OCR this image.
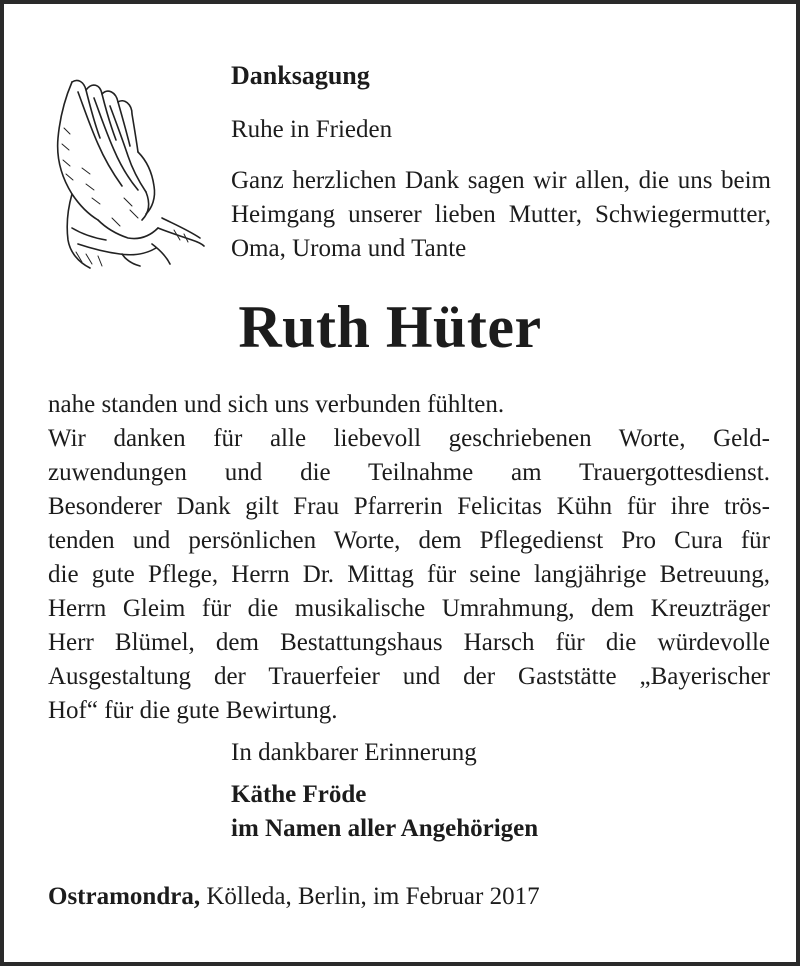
Danksagung
Ruhe in Frieden
Ganz herzlichen Dank sagen wir allen, die uns beim Heimgang unserer lieben Mutter, Schwiegermutter, Oma, Uroma und Tante
Ruth Hüter
nahe standen und sich uns verbunden fühlten.
Wir danken für alle liebevoll geschriebenen Worte, Geld-
zuwendungen und die Teilnahme am Trauergottesdienst.
Besonderer Dank gilt Frau Pfarrerin Felicitas Kühn für ihre trös-
tenden und persönlichen Worte, dem Pflegedienst Pro Cura für
die gute Pflege, Herrn Dr. Mittag für seine langjährige Betreuung,
Herrn Gleim für die musikalische Umrahmung, dem Kreuzträger
Herr Blümel, dem Bestattungshaus Harsch für die würdevolle
Ausgestaltung der Trauerfeier und der Gaststätte „Bayerischer
Hof“ für die gute Bewirtung.
In dankbarer Erinnerung
Käthe Fröde
im Namen aller Angehörigen
Ostramondra, Kölleda, Berlin, im Februar 2017
